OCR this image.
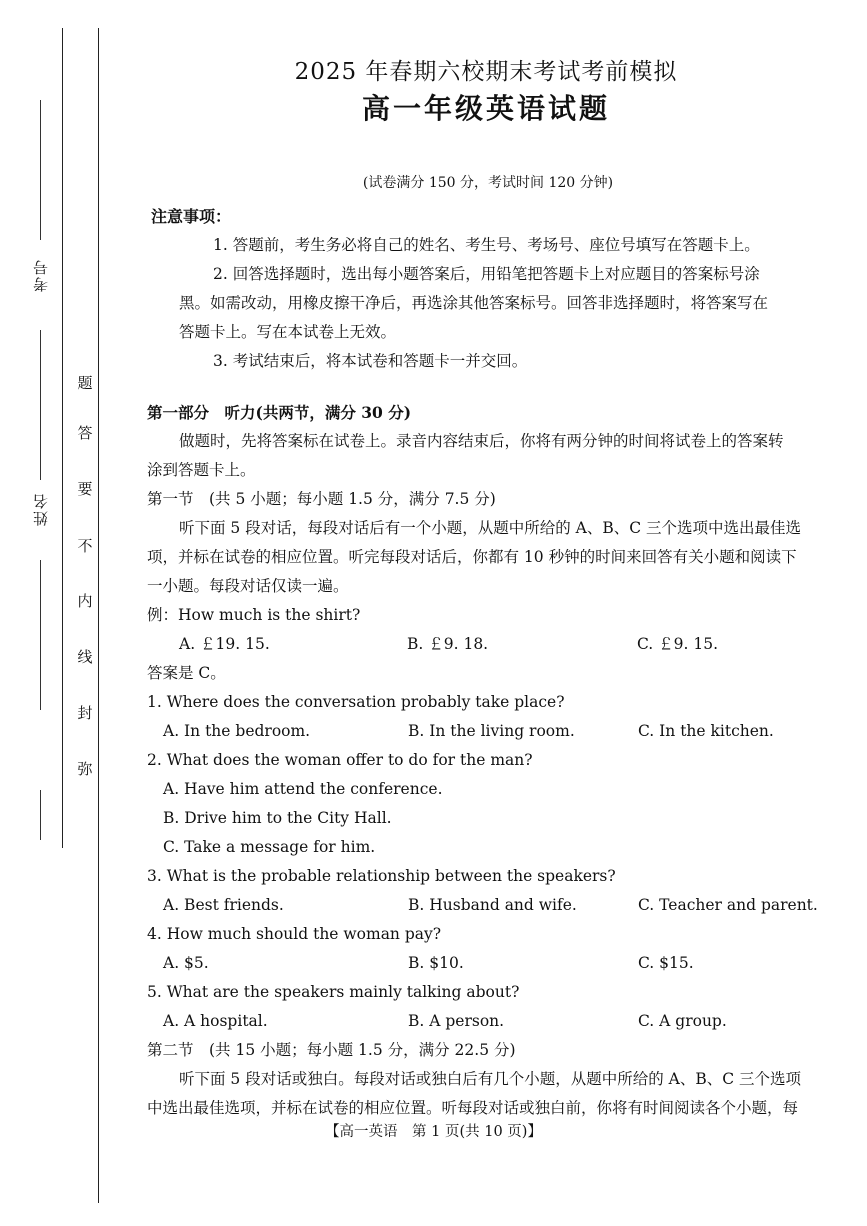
考号
姓名
题
答
要
不
内
线
封
弥
2025 年春期六校期末考试考前模拟
高一年级英语试题
(试卷满分 150 分，考试时间 120 分钟)
注意事项：

1. 答题前，考生务必将自己的姓名、考生号、考场号、座位号填写在答题卡上。

2. 回答选择题时，选出每小题答案后，用铅笔把答题卡上对应题目的答案标号涂

黑。如需改动，用橡皮擦干净后，再选涂其他答案标号。回答非选择题时，将答案写在

答题卡上。写在本试卷上无效。

3. 考试结束后，将本试卷和答题卡一并交回。

第一部分　听力(共两节，满分 30 分)

做题时，先将答案标在试卷上。录音内容结束后，你将有两分钟的时间将试卷上的答案转

涂到答题卡上。

第一节　(共 5 小题；每小题 1.5 分，满分 7.5 分)

听下面 5 段对话，每段对话后有一个小题，从题中所给的 A、B、C 三个选项中选出最佳选

项，并标在试卷的相应位置。听完每段对话后，你都有 10 秒钟的时间来回答有关小题和阅读下

一小题。每段对话仅读一遍。

例：How much is the shirt?

A. ￡19. 15.	B. ￡9. 18.	C. ￡9. 15.

答案是 C。

1. Where does the conversation probably take place?

A. In the bedroom.	B. In the living room.	C. In the kitchen.

2. What does the woman offer to do for the man?

A. Have him attend the conference.

B. Drive him to the City Hall.

C. Take a message for him.

3. What is the probable relationship between the speakers?

A. Best friends.	B. Husband and wife.	C. Teacher and parent.

4. How much should the woman pay?

A. $5.	B. $10.	C. $15.

5. What are the speakers mainly talking about?

A. A hospital.	B. A person.	C. A group.

第二节　(共 15 小题；每小题 1.5 分，满分 22.5 分)

听下面 5 段对话或独白。每段对话或独白后有几个小题，从题中所给的 A、B、C 三个选项

中选出最佳选项，并标在试卷的相应位置。听每段对话或独白前，你将有时间阅读各个小题，每

【高一英语　第 1 页(共 10 页)】
